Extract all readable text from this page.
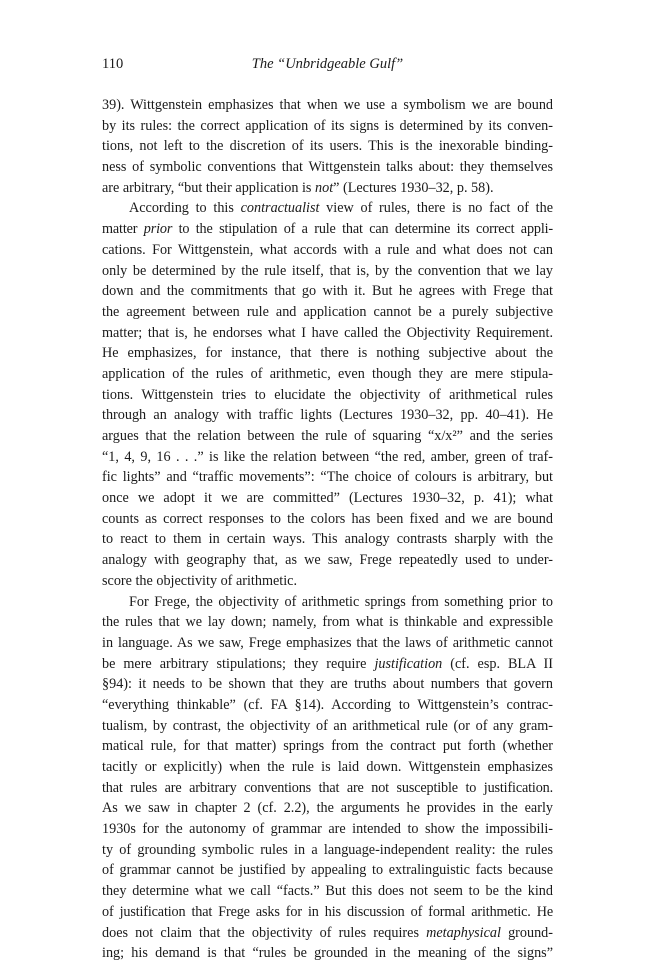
110	The “Unbridgeable Gulf”
39). Wittgenstein emphasizes that when we use a symbolism we are bound
by its rules: the correct application of its signs is determined by its conven-
tions, not left to the discretion of its users. This is the inexorable binding-
ness of symbolic conventions that Wittgenstein talks about: they themselves
are arbitrary, “but their application is not” (Lectures 1930–32, p. 58).
According to this contractualist view of rules, there is no fact of the
matter prior to the stipulation of a rule that can determine its correct appli-
cations. For Wittgenstein, what accords with a rule and what does not can
only be determined by the rule itself, that is, by the convention that we lay
down and the commitments that go with it. But he agrees with Frege that
the agreement between rule and application cannot be a purely subjective
matter; that is, he endorses what I have called the Objectivity Requirement.
He emphasizes, for instance, that there is nothing subjective about the
application of the rules of arithmetic, even though they are mere stipula-
tions. Wittgenstein tries to elucidate the objectivity of arithmetical rules
through an analogy with traffic lights (Lectures 1930–32, pp. 40–41). He
argues that the relation between the rule of squaring “x/x²” and the series
“1, 4, 9, 16 . . .” is like the relation between “the red, amber, green of traf-
fic lights” and “traffic movements”: “The choice of colours is arbitrary, but
once we adopt it we are committed” (Lectures 1930–32, p. 41); what
counts as correct responses to the colors has been fixed and we are bound
to react to them in certain ways. This analogy contrasts sharply with the
analogy with geography that, as we saw, Frege repeatedly used to under-
score the objectivity of arithmetic.
For Frege, the objectivity of arithmetic springs from something prior to
the rules that we lay down; namely, from what is thinkable and expressible
in language. As we saw, Frege emphasizes that the laws of arithmetic cannot
be mere arbitrary stipulations; they require justification (cf. esp. BLA II
§94): it needs to be shown that they are truths about numbers that govern
“everything thinkable” (cf. FA §14). According to Wittgenstein’s contrac-
tualism, by contrast, the objectivity of an arithmetical rule (or of any gram-
matical rule, for that matter) springs from the contract put forth (whether
tacitly or explicitly) when the rule is laid down. Wittgenstein emphasizes
that rules are arbitrary conventions that are not susceptible to justification.
As we saw in chapter 2 (cf. 2.2), the arguments he provides in the early
1930s for the autonomy of grammar are intended to show the impossibili-
ty of grounding symbolic rules in a language-independent reality: the rules
of grammar cannot be justified by appealing to extralinguistic facts because
they determine what we call “facts.” But this does not seem to be the kind
of justification that Frege asks for in his discussion of formal arithmetic. He
does not claim that the objectivity of rules requires metaphysical ground-
ing; his demand is that “rules be grounded in the meaning of the signs”
